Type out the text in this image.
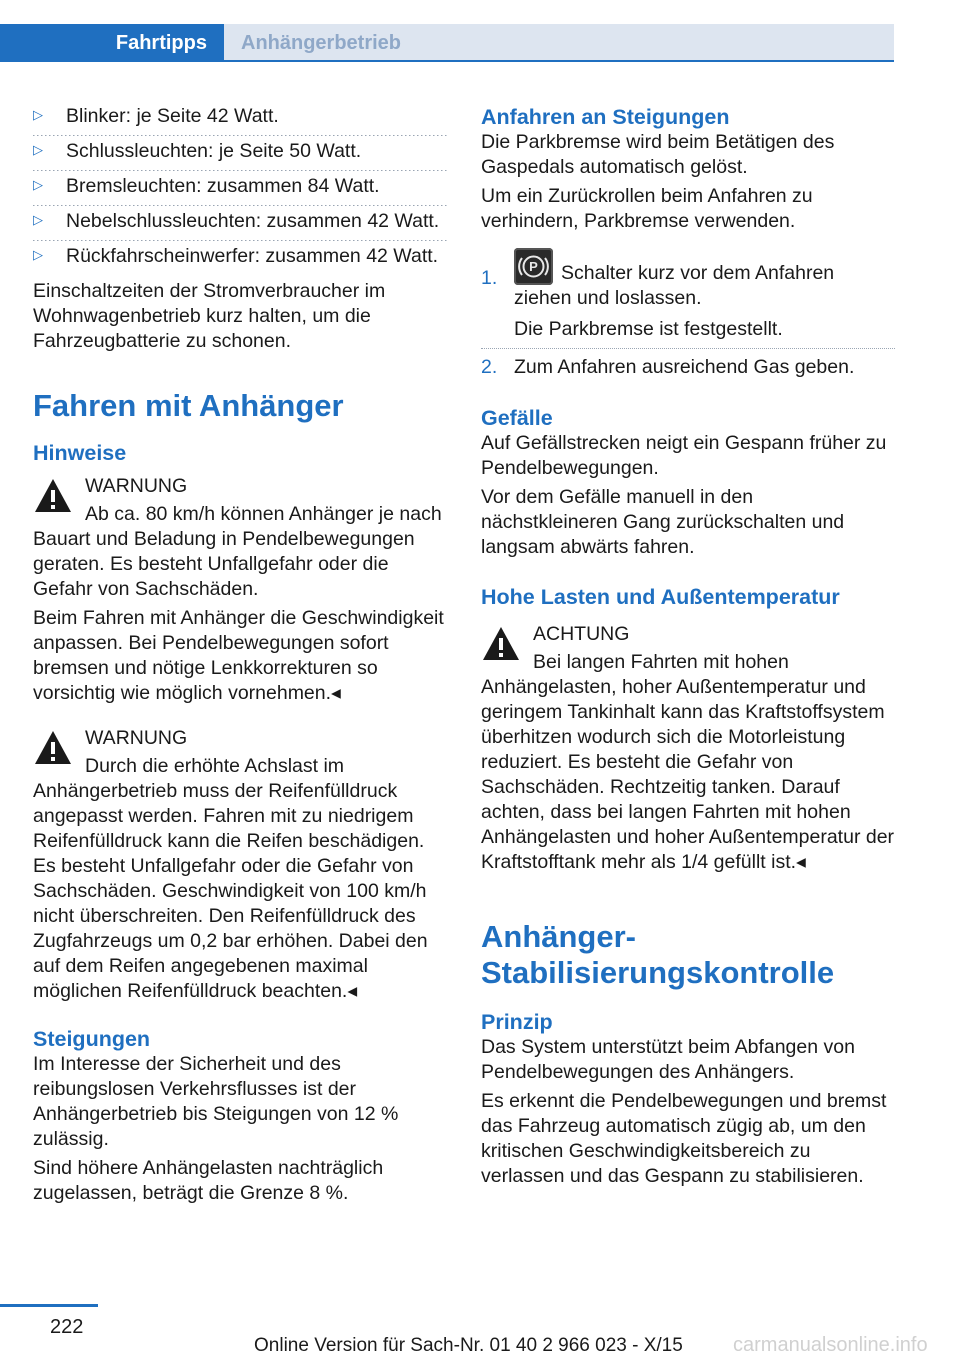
Fahrtipps	Anhängerbetrieb
▷ Blinker: je Seite 42 Watt.
▷ Schlussleuchten: je Seite 50 Watt.
▷ Bremsleuchten: zusammen 84 Watt.
▷ Nebelschlussleuchten: zusammen 42 Watt.
▷ Rückfahrscheinwerfer: zusammen 42 Watt.

Einschaltzeiten der Stromverbraucher im Wohnwagenbetrieb kurz halten, um die Fahrzeugbatterie zu schonen.

Fahren mit Anhänger
Hinweise

WARNUNG

Ab ca. 80 km/h können Anhänger je nach Bauart und Beladung in Pendelbewegungen geraten. Es besteht Unfallgefahr oder die Gefahr von Sachschäden.

Beim Fahren mit Anhänger die Geschwindigkeit anpassen. Bei Pendelbewegungen sofort bremsen und nötige Lenkkorrekturen so vorsichtig wie möglich vornehmen.◂

WARNUNG

Durch die erhöhte Achslast im Anhängerbetrieb muss der Reifenfülldruck angepasst werden. Fahren mit zu niedrigem Reifenfülldruck kann die Reifen beschädigen. Es besteht Unfallgefahr oder die Gefahr von Sachschäden. Geschwindigkeit von 100 km/h nicht überschreiten. Den Reifenfülldruck des Zugfahrzeugs um 0,2 bar erhöhen. Dabei den auf dem Reifen angegebenen maximal möglichen Reifenfülldruck beachten.◂

Steigungen

Im Interesse der Sicherheit und des reibungslosen Verkehrsflusses ist der Anhängerbetrieb bis Steigungen von 12 % zulässig.

Sind höhere Anhängelasten nachträglich zugelassen, beträgt die Grenze 8 %.

Anfahren an Steigungen

Die Parkbremse wird beim Betätigen des Gaspedals automatisch gelöst.

Um ein Zurückrollen beim Anfahren zu verhindern, Parkbremse verwenden.

1.
P Schalter kurz vor dem Anfahren ziehen und loslassen.

Die Parkbremse ist festgestellt.

2. Zum Anfahren ausreichend Gas geben.
Gefälle

Auf Gefällstrecken neigt ein Gespann früher zu Pendelbewegungen.

Vor dem Gefälle manuell in den nächstkleineren Gang zurückschalten und langsam abwärts fahren.

Hohe Lasten und Außentemperatur

ACHTUNG

Bei langen Fahrten mit hohen Anhängelasten, hoher Außentemperatur und geringem Tankinhalt kann das Kraftstoffsystem überhitzen wodurch sich die Motorleistung reduziert. Es besteht die Gefahr von Sachschäden. Rechtzeitig tanken. Darauf achten, dass bei langen Fahrten mit hohen Anhängelasten und hoher Außentemperatur der Kraftstofftank mehr als 1/4 gefüllt ist.◂

Anhänger-
Stabilisierungskontrolle
Prinzip

Das System unterstützt beim Abfangen von Pendelbewegungen des Anhängers.

Es erkennt die Pendelbewegungen und bremst das Fahrzeug automatisch zügig ab, um den kritischen Geschwindigkeitsbereich zu verlassen und das Gespann zu stabilisieren.

222
Online Version für Sach-Nr. 01 40 2 966 023 - X/15	carmanualsonline.info
